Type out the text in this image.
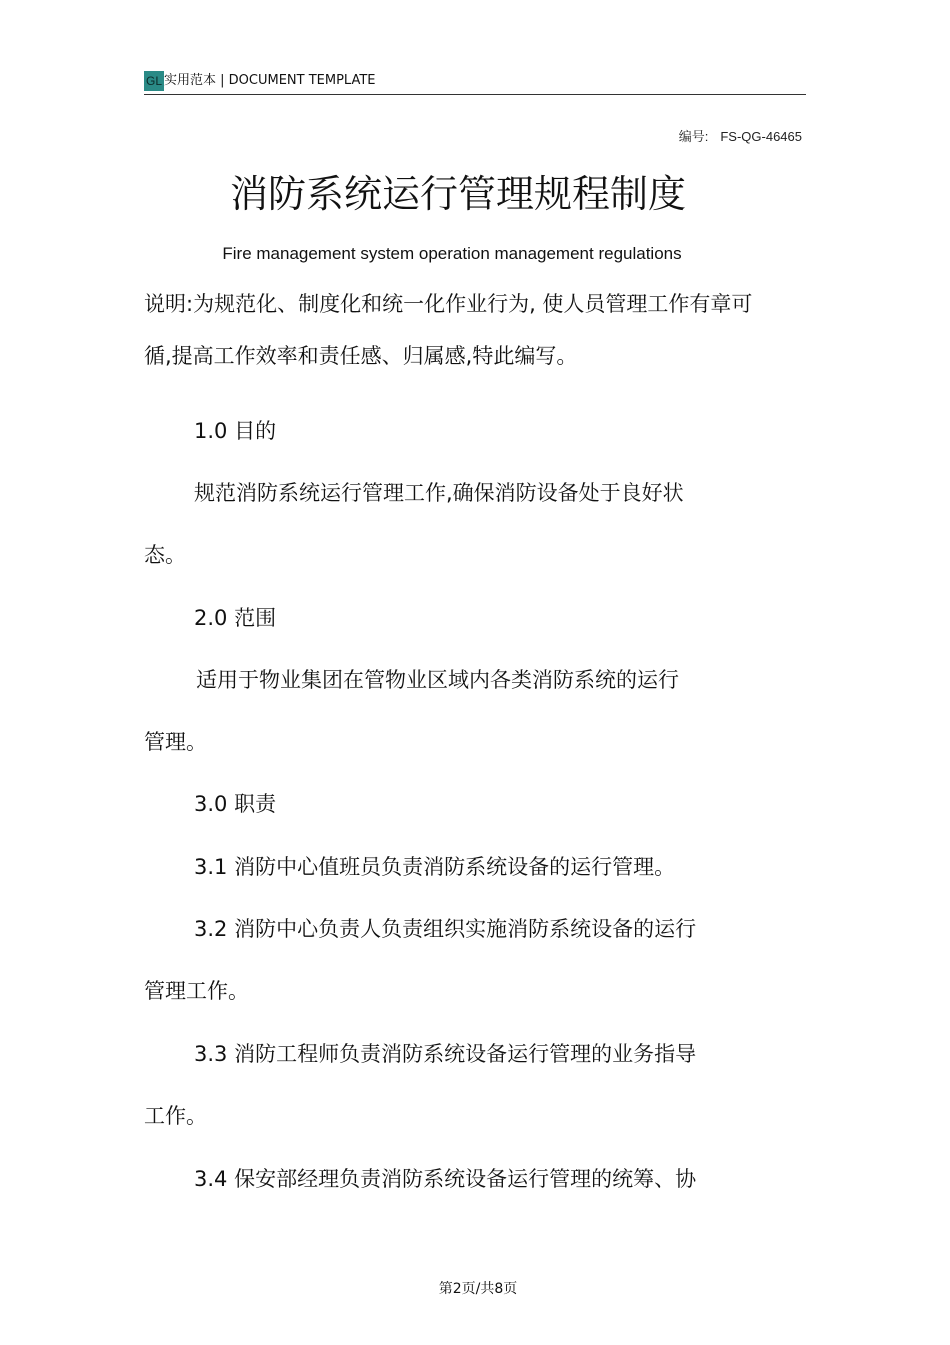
GL 实用范本 | DOCUMENT TEMPLATE
编号: FS-QG-46465
消防系统运行管理规程制度
Fire management system operation management regulations
说明:为规范化、制度化和统一化作业行为, 使人员管理工作有章可
循,提高工作效率和责任感、归属感,特此编写。
1.0 目的
规范消防系统运行管理工作,确保消防设备处于良好状
态。
2.0 范围
适用于物业集团在管物业区域内各类消防系统的运行
管理。
3.0 职责
3.1 消防中心值班员负责消防系统设备的运行管理。
3.2 消防中心负责人负责组织实施消防系统设备的运行
管理工作。
3.3 消防工程师负责消防系统设备运行管理的业务指导
工作。
3.4 保安部经理负责消防系统设备运行管理的统筹、协
第2页/共8页
